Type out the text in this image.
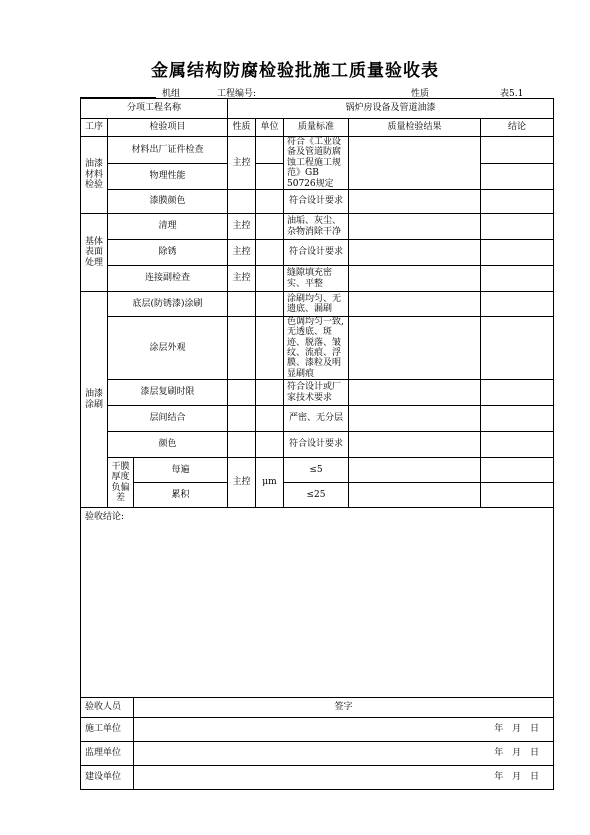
金属结构防腐检验批施工质量验收表
机组	工程编号:	性质	表5.1
分项工程名称			锅炉房设备及管道油漆				
工序	检验项目		性质	单位	质量标准	质量检验结果	结论
油漆材料检验	材料出厂证件检查		主控		符合《工业设备及管道防腐蚀工程施工规范》GB 50726规定		
	物理性能						
	漆膜颜色				符合设计要求		
基体表面处理	清理		主控		油垢、灰尘、杂物消除干净		
	除锈		主控		符合设计要求		
	连接副检查		主控		缝隙填充密实、平整		
油漆涂刷	底层(防锈漆)涂刷				涂刷均匀、无遗底、漏刷		
	涂层外观				色调均匀一致,无透底、斑迹、脱落、皱纹、流痕、浮膜、漆粒及明显刷痕		
	漆层复刷时限				符合设计或厂家技术要求		
	层间结合				严密、无分层		
	颜色				符合设计要求		
	干膜厚度负偏差	每遍	主控	μm	≤5		
		累积			≤25		
验收结论:							
验收人员		签字					
施工单位		年 月 日					
监理单位		年 月 日					
建设单位		年 月 日					
